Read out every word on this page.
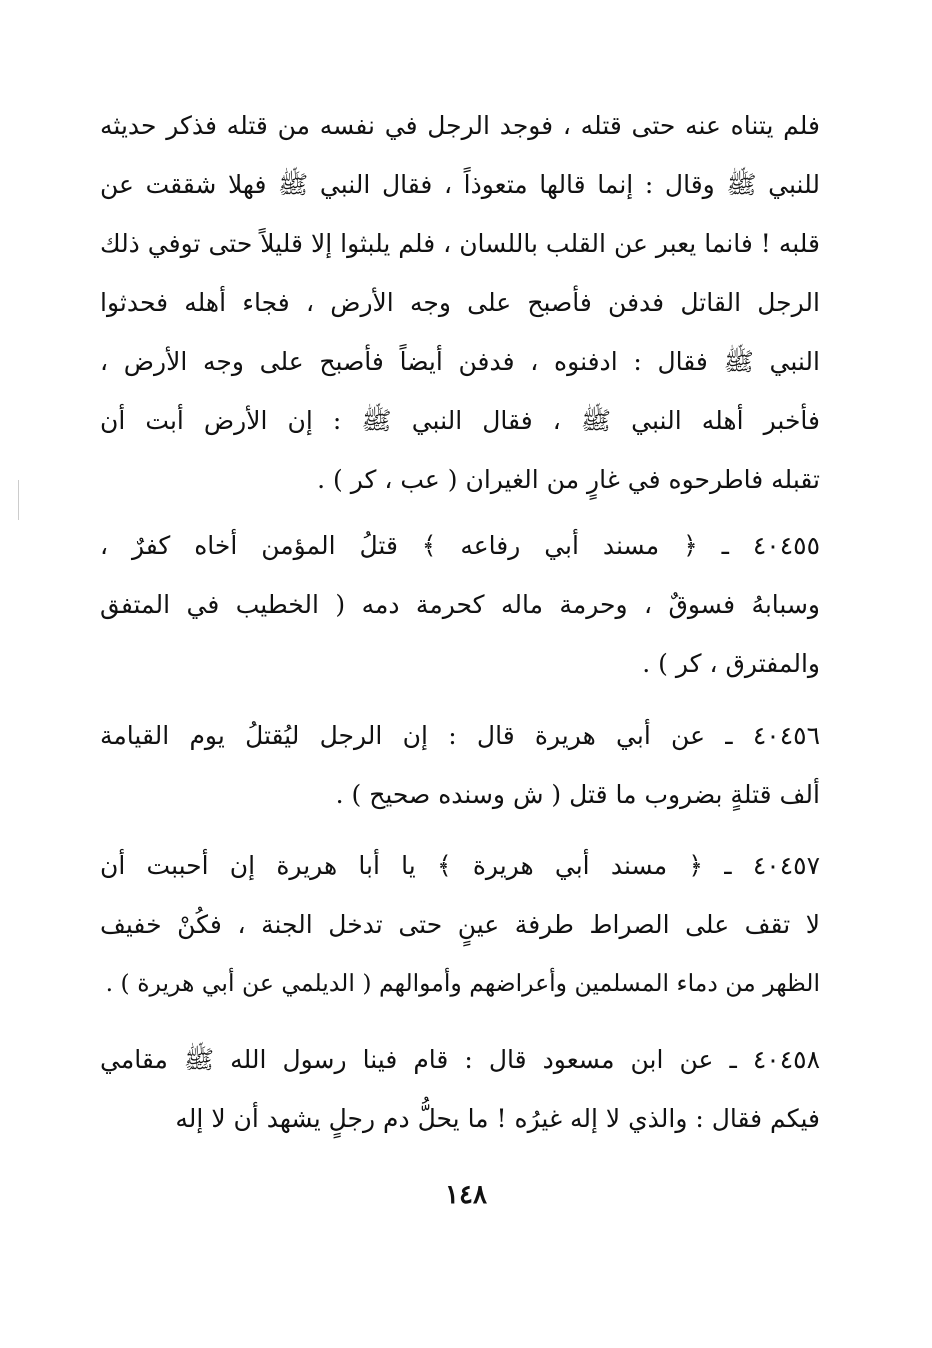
فلم يتناه عنه حتى قتله ، فوجد الرجل في نفسه من قتله فذكر حديثه
للنبي ﷺ وقال : إنما قالها متعوذاً ، فقال النبي ﷺ فهلا شققت عن
قلبه ! فانما يعبر عن القلب باللسان ، فلم يلبثوا إلا قليلاً حتى توفي ذلك
الرجل القاتل فدفن فأصبح على وجه الأرض ، فجاء أهله فحدثوا
النبي ﷺ فقال : ادفنوه ، فدفن أيضاً فأصبح على وجه الأرض ،
فأخبر أهله النبي ﷺ ، فقال النبي ﷺ : إن الأرض أبت أن
تقبله فاطرحوه في غارٍ من الغيران ( عب ، كر ) .
٤٠٤٥٥ ـ ﴿ مسند أبي رفاعه ﴾ قتلُ المؤمن أخاه كفرٌ ،
وسبابهُ فسوقٌ ، وحرمة ماله كحرمة دمه ( الخطيب في المتفق
والمفترق ، كر ) .
٤٠٤٥٦ ـ عن أبي هريرة قال : إن الرجل ليُقتلُ يوم القيامة
ألف قتلةٍ بضروب ما قتل ( ش وسنده صحيح ) .
٤٠٤٥٧ ـ ﴿ مسند أبي هريرة ﴾ يا أبا هريرة إن أحببت أن
لا تقف على الصراط طرفة عينٍ حتى تدخل الجنة ، فكُنْ خفيف
الظهر من دماء المسلمين وأعراضهم وأموالهم ( الديلمي عن أبي هريرة ) .
٤٠٤٥٨ ـ عن ابن مسعود قال : قام فينا رسول الله ﷺ مقامي
فيكم فقال : والذي لا إله غيرُه ! ما يحلُّ دم رجلٍ يشهد أن لا إله
١٤٨
